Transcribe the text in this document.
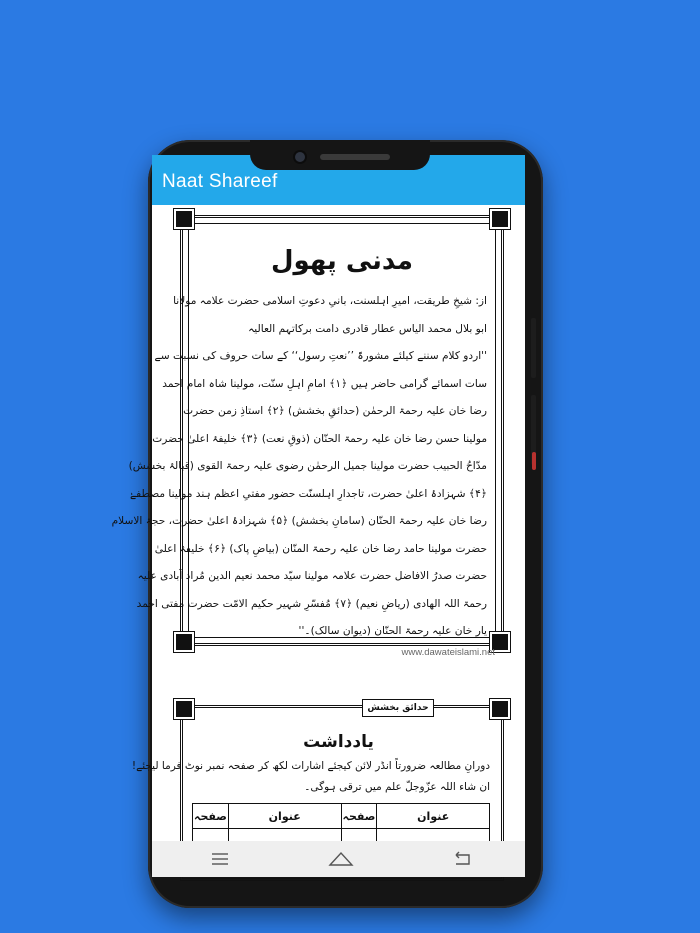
Naat Shareef
مدنی پھول
از: شیخِ طریقت، امیرِ اہلسنت، بانیِ دعوتِ اسلامی حضرت علامہ مولانا
ابو بلال محمد الیاس عطار قادری دامت برکاتہم العالیہ
''اردو کلام سننے کیلئے مشورۃً ’’نعتِ رسول‘‘ کے سات حروف کی نسبت سے
سات اسمائے گرامی حاضر ہیں ﴿۱﴾ امامِ اہلِ سنّت، مولینا شاہ امام احمد
رضا خان علیہ رحمۃ الرحمٰن (حدائقِ بخشش) ﴿۲﴾ استاذِ زمن حضرت
مولینا حسن رضا خان علیہ رحمۃ الحنّان (ذوقِ نعت) ﴿۳﴾ خلیفۂ اعلیٰ حضرت
مدّاحُ الحبیب حضرت مولینا جمیل الرحمٰن رضوی علیہ رحمۃ القوی (قبالۂ بخشش)
﴿۴﴾ شہزادۂ اعلیٰ حضرت، تاجدارِ اہلسنّت حضور مفتیِ اعظم ہند مولینا مصطفےٰ
رضا خان علیہ رحمۃ الحنّان (سامانِ بخشش) ﴿۵﴾ شہزادۂ اعلیٰ حضرت، حجۃ الاسلام
حضرت مولینا حامد رضا خان علیہ رحمۃ المنّان (بیاضِ پاک) ﴿۶﴾ خلیفۂ اعلیٰ
حضرت صدرُ الافاضل حضرت علامہ مولینا سیّد محمد نعیم الدین مُراد آبادی علیہ
رحمۃ اللہ الھادی (ریاضِ نعیم) ﴿۷﴾ مُفسّرِ شہیر حکیم الامّت حضرت مفتی احمد
یار خان علیہ رحمۃ الحنّان (دیوانِ سالک)۔''
www.dawateislami.net
حدائق بخشش
یادداشت
دورانِ مطالعہ ضرورتاً انڈر لائن کیجئے اشارات لکھ کر صفحہ نمبر نوٹ فرما لیجئے!
ان شاء اللہ عزّوجلّ علم میں ترقی ہوگی۔
عنوان	صفحہ	عنوان	صفحہ
